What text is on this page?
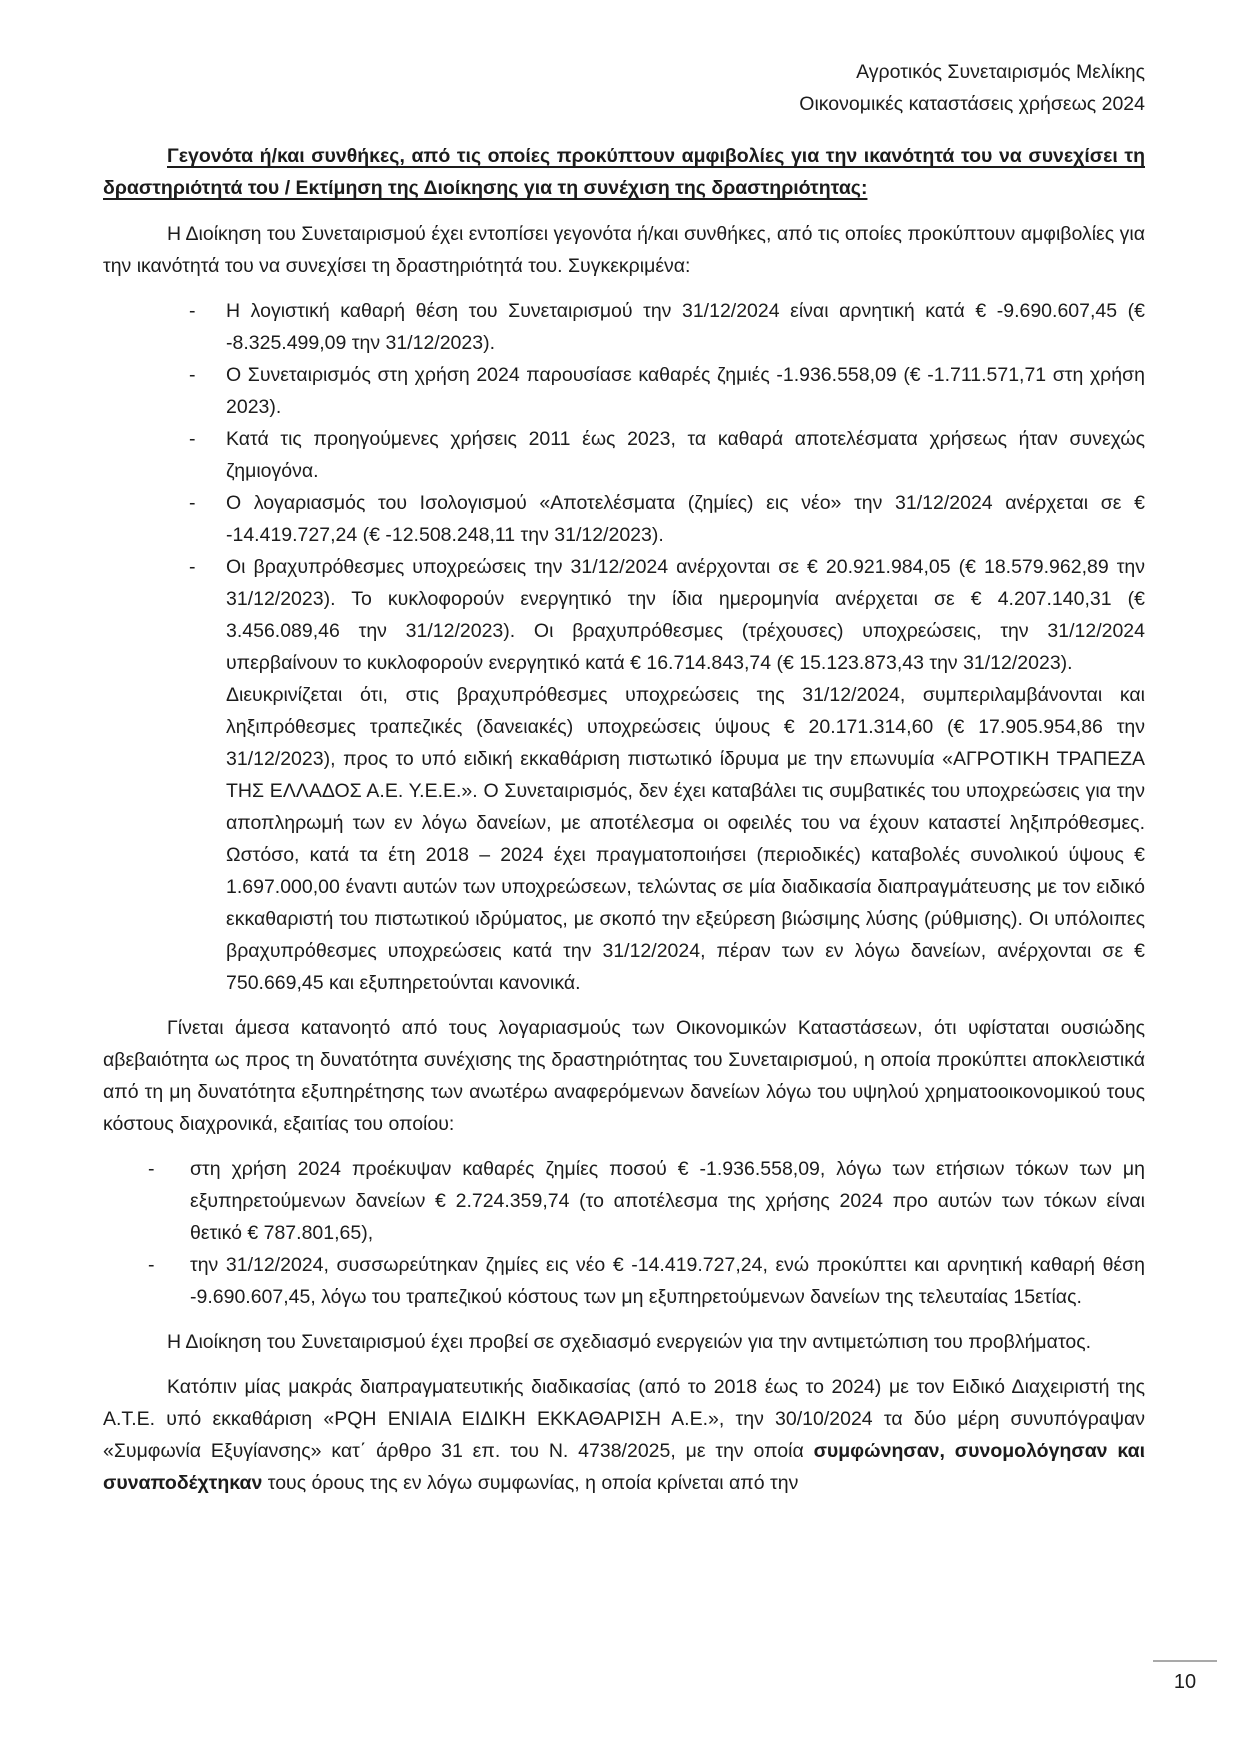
Αγροτικός Συνεταιρισμός Μελίκης
Οικονομικές καταστάσεις χρήσεως 2024

Γεγονότα ή/και συνθήκες, από τις οποίες προκύπτουν αμφιβολίες για την ικανότητά του να συνεχίσει τη δραστηριότητά του / Εκτίμηση της Διοίκησης για τη συνέχιση της δραστηριότητας:

Η Διοίκηση του Συνεταιρισμού έχει εντοπίσει γεγονότα ή/και συνθήκες, από τις οποίες προκύπτουν αμφιβολίες για την ικανότητά του να συνεχίσει τη δραστηριότητά του. Συγκεκριμένα:

- Η λογιστική καθαρή θέση του Συνεταιρισμού την 31/12/2024 είναι αρνητική κατά € -9.690.607,45 (€ -8.325.499,09 την 31/12/2023).
- Ο Συνεταιρισμός στη χρήση 2024 παρουσίασε καθαρές ζημιές -1.936.558,09 (€ -1.711.571,71 στη χρήση 2023).
- Κατά τις προηγούμενες χρήσεις 2011 έως 2023, τα καθαρά αποτελέσματα χρήσεως ήταν συνεχώς ζημιογόνα.
- Ο λογαριασμός του Ισολογισμού «Αποτελέσματα (ζημίες) εις νέο» την 31/12/2024 ανέρχεται σε € -14.419.727,24 (€ -12.508.248,11 την 31/12/2023).
- Οι βραχυπρόθεσμες υποχρεώσεις την 31/12/2024 ανέρχονται σε € 20.921.984,05 (€ 18.579.962,89 την 31/12/2023). Το κυκλοφορούν ενεργητικό την ίδια ημερομηνία ανέρχεται σε € 4.207.140,31 (€ 3.456.089,46 την 31/12/2023). Οι βραχυπρόθεσμες (τρέχουσες) υποχρεώσεις, την 31/12/2024 υπερβαίνουν το κυκλοφορούν ενεργητικό κατά € 16.714.843,74 (€ 15.123.873,43 την 31/12/2023).
Διευκρινίζεται ότι, στις βραχυπρόθεσμες υποχρεώσεις της 31/12/2024, συμπεριλαμβάνονται και ληξιπρόθεσμες τραπεζικές (δανειακές) υποχρεώσεις ύψους € 20.171.314,60 (€ 17.905.954,86 την 31/12/2023), προς το υπό ειδική εκκαθάριση πιστωτικό ίδρυμα με την επωνυμία «ΑΓΡΟΤΙΚΗ ΤΡΑΠΕΖΑ ΤΗΣ ΕΛΛΑΔΟΣ Α.Ε. Υ.Ε.Ε.». Ο Συνεταιρισμός, δεν έχει καταβάλει τις συμβατικές του υποχρεώσεις για την αποπληρωμή των εν λόγω δανείων, με αποτέλεσμα οι οφειλές του να έχουν καταστεί ληξιπρόθεσμες. Ωστόσο, κατά τα έτη 2018 – 2024 έχει πραγματοποιήσει (περιοδικές) καταβολές συνολικού ύψους € 1.697.000,00 έναντι αυτών των υποχρεώσεων, τελώντας σε μία διαδικασία διαπραγμάτευσης με τον ειδικό εκκαθαριστή του πιστωτικού ιδρύματος, με σκοπό την εξεύρεση βιώσιμης λύσης (ρύθμισης). Οι υπόλοιπες βραχυπρόθεσμες υποχρεώσεις κατά την 31/12/2024, πέραν των εν λόγω δανείων, ανέρχονται σε € 750.669,45 και εξυπηρετούνται κανονικά.

Γίνεται άμεσα κατανοητό από τους λογαριασμούς των Οικονομικών Καταστάσεων, ότι υφίσταται ουσιώδης αβεβαιότητα ως προς τη δυνατότητα συνέχισης της δραστηριότητας του Συνεταιρισμού, η οποία προκύπτει αποκλειστικά από τη μη δυνατότητα εξυπηρέτησης των ανωτέρω αναφερόμενων δανείων λόγω του υψηλού χρηματοοικονομικού τους κόστους διαχρονικά, εξαιτίας του οποίου:

- στη χρήση 2024 προέκυψαν καθαρές ζημίες ποσού € -1.936.558,09, λόγω των ετήσιων τόκων των μη εξυπηρετούμενων δανείων € 2.724.359,74 (το αποτέλεσμα της χρήσης 2024 προ αυτών των τόκων είναι θετικό € 787.801,65),
- την 31/12/2024, συσσωρεύτηκαν ζημίες εις νέο € -14.419.727,24, ενώ προκύπτει και αρνητική καθαρή θέση -9.690.607,45, λόγω του τραπεζικού κόστους των μη εξυπηρετούμενων δανείων της τελευταίας 15ετίας.

Η Διοίκηση του Συνεταιρισμού έχει προβεί σε σχεδιασμό ενεργειών για την αντιμετώπιση του προβλήματος.

Κατόπιν μίας μακράς διαπραγματευτικής διαδικασίας (από το 2018 έως το 2024) με τον Ειδικό Διαχειριστή της Α.Τ.Ε. υπό εκκαθάριση «PQH ΕΝΙΑΙΑ ΕΙΔΙΚΗ ΕΚΚΑΘΑΡΙΣΗ Α.Ε.», την 30/10/2024 τα δύο μέρη συνυπόγραψαν «Συμφωνία Εξυγίανσης» κατ΄ άρθρο 31 επ. του Ν. 4738/2025, με την οποία συμφώνησαν, συνομολόγησαν και συναποδέχτηκαν τους όρους της εν λόγω συμφωνίας, η οποία κρίνεται από την

10
